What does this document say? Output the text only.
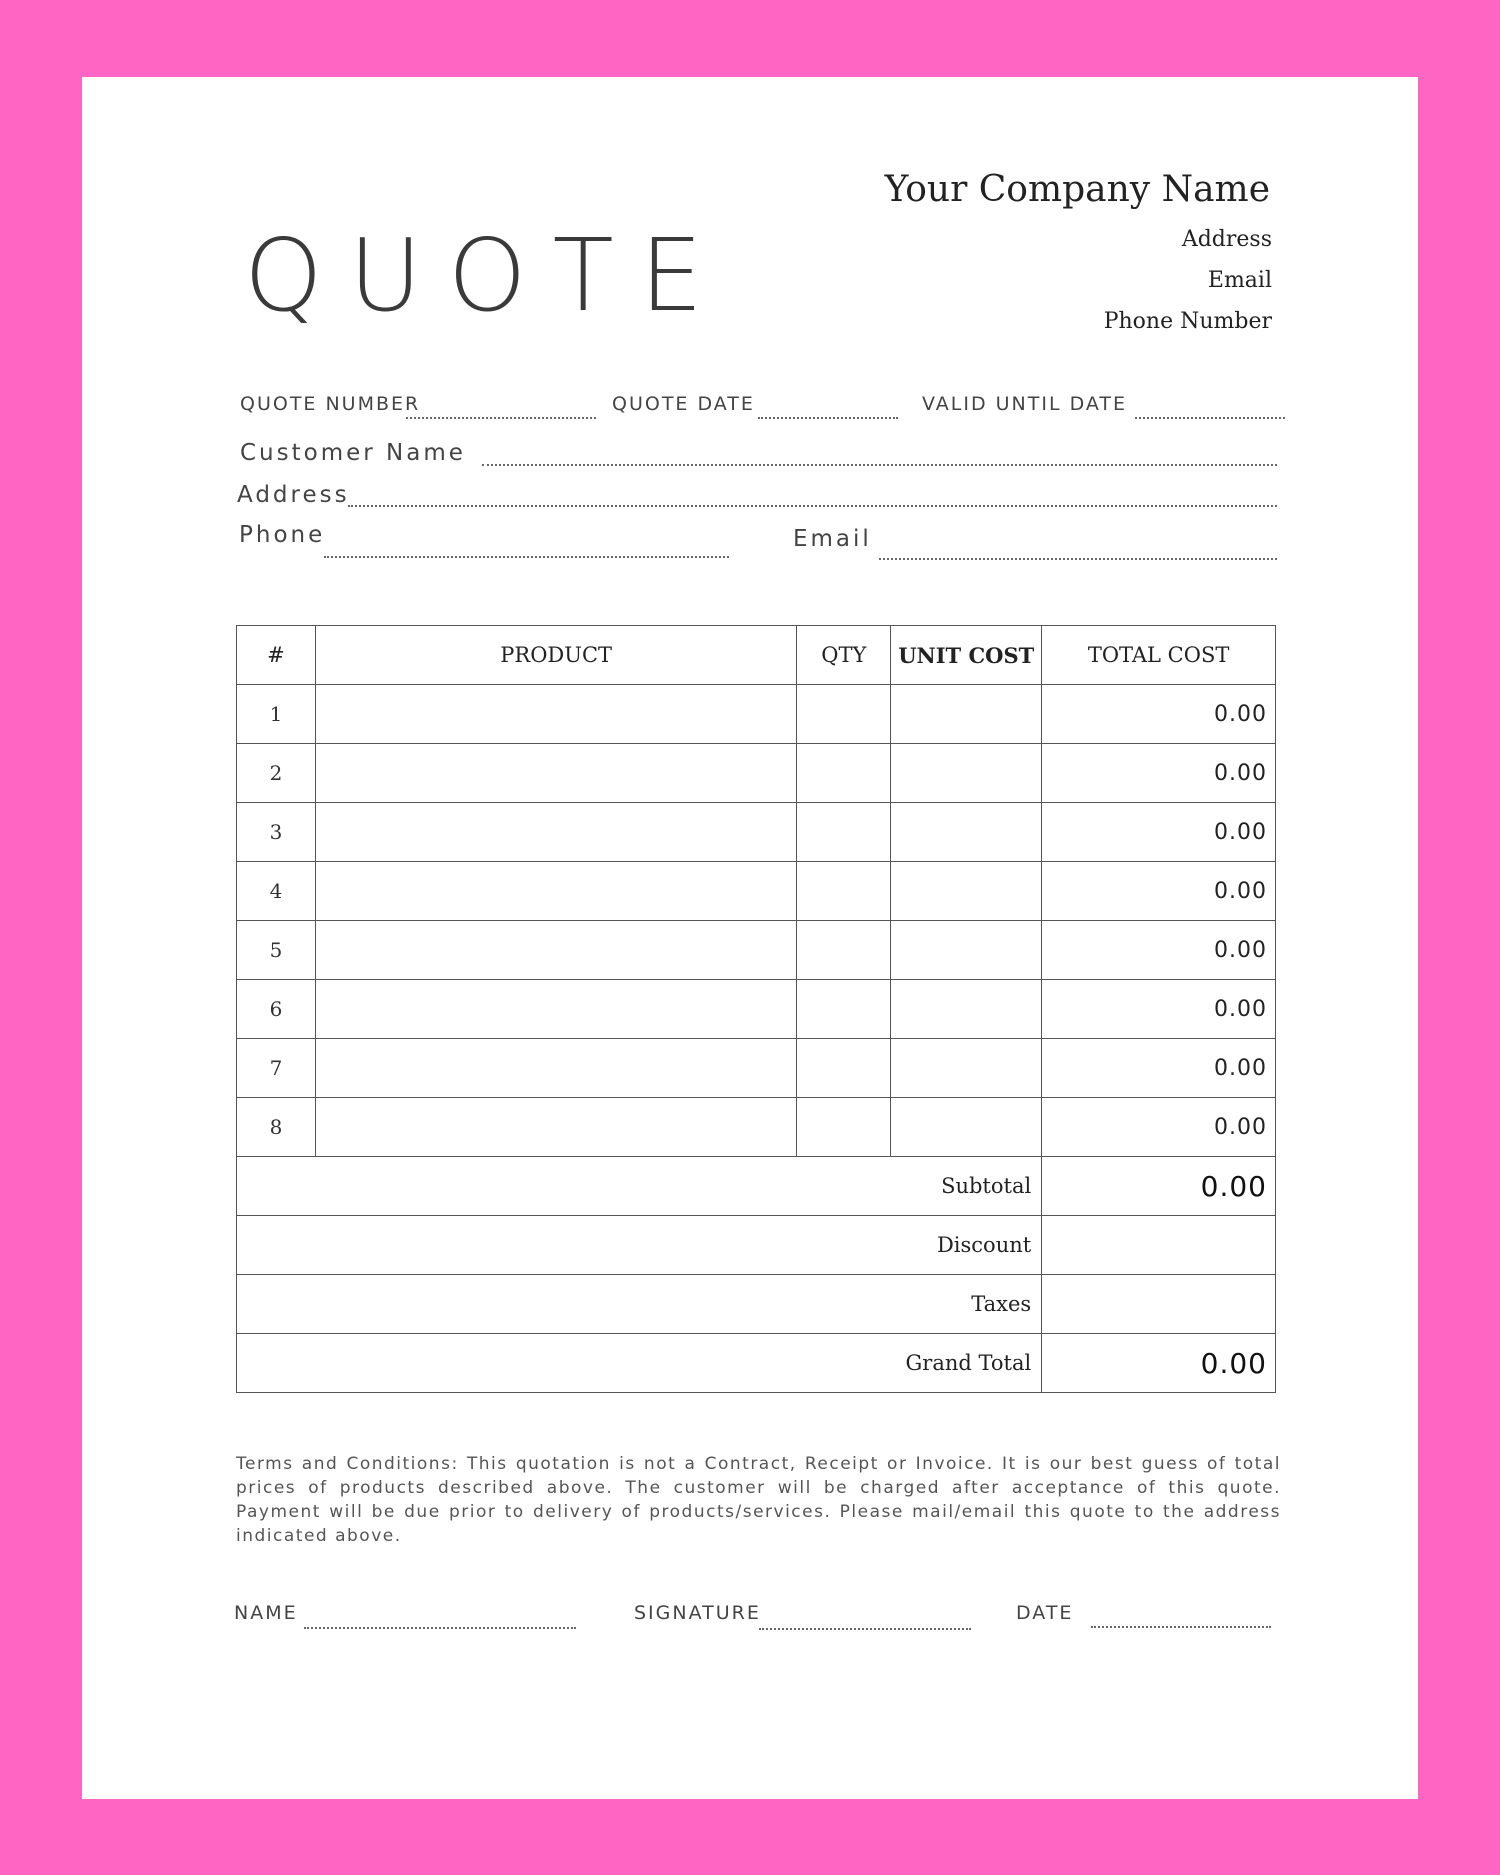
QUOTE
Your Company Name
Address
Email
Phone Number
QUOTE NUMBER	QUOTE DATE	VALID UNTIL DATE
Customer Name
Address
Phone	Email
#	PRODUCT	QTY	UNIT COST	TOTAL COST
1				0.00
2				0.00
3				0.00
4				0.00
5				0.00
6				0.00
7				0.00
8				0.00
Subtotal				0.00
Discount				
Taxes				
Grand Total				0.00
Terms and Conditions: This quotation is not a Contract, Receipt or Invoice. It is our best guess of total prices of products described above. The customer will be charged after acceptance of this quote. Payment will be due prior to delivery of products/services. Please mail/email this quote to the address indicated above.
NAME	SIGNATURE	DATE
